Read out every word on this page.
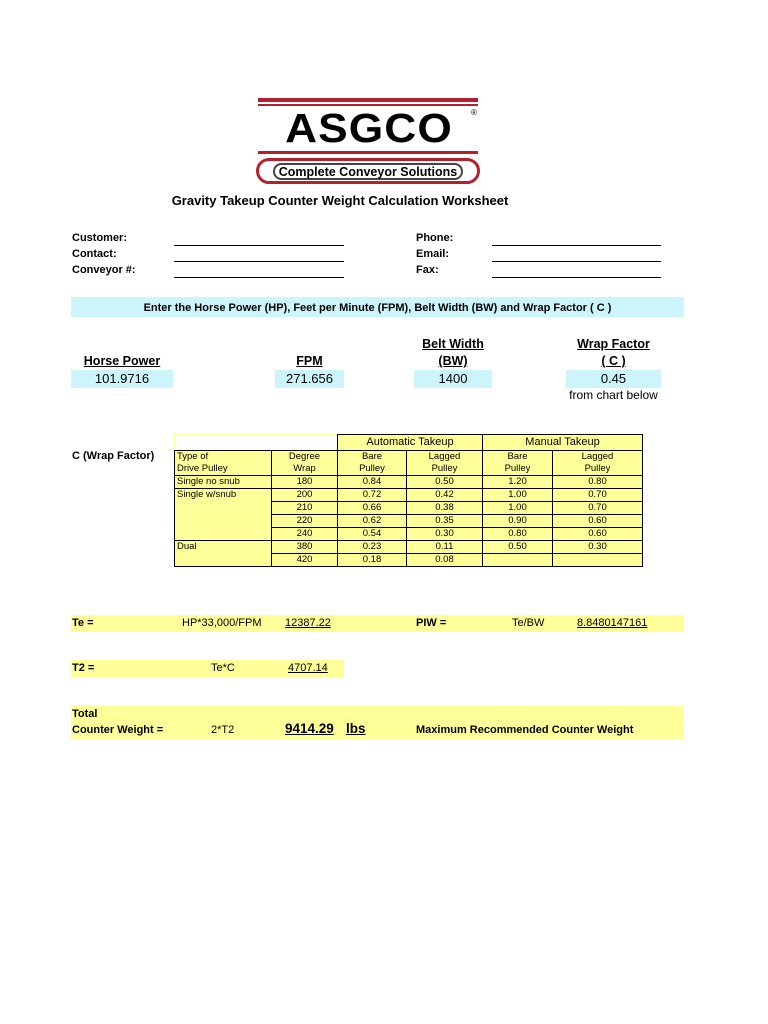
ASGCO	®
Complete Conveyor Solutions
Gravity Takeup Counter Weight Calculation Worksheet
Customer:
Contact:
Conveyor #:
Phone:
Email:
Fax:
Enter the Horse Power (HP), Feet per Minute (FPM), Belt Width (BW) and Wrap Factor ( C )
Horse Power
101.9716
FPM
271.656
Belt Width
(BW)
1400
Wrap Factor
( C )
0.45
from chart below
C (Wrap Factor)
		Automatic Takeup		Manual Takeup	
Type of	Degree	Bare	Lagged	Bare	Lagged
Drive Pulley	Wrap	Pulley	Pulley	Pulley	Pulley
Single no snub	180	0.84	0.50	1.20	0.80
Single w/snub	200	0.72	0.42	1.00	0.70
	210	0.66	0.38	1.00	0.70
	220	0.62	0.35	0.90	0.60
	240	0.54	0.30	0.80	0.60
Dual	380	0.23	0.11	0.50	0.30
	420	0.18	0.08		
Te =	HP*33,000/FPM 12387.22	PIW =	Te/BW	8.8480147161
T2 =	Te*C	4707.14
Total
Counter Weight =	2*T2	9414.29 lbs	Maximum Recommended Counter Weight
